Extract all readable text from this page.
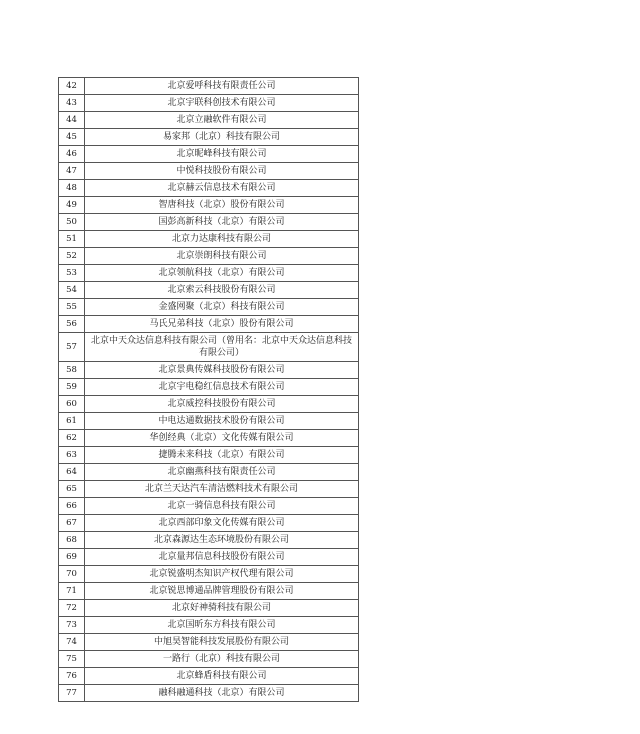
42	北京爱呼科技有限责任公司
43	北京宇联科创技术有限公司
44	北京立融软件有限公司
45	易家邦（北京）科技有限公司
46	北京昵峰科技有限公司
47	中悦科技股份有限公司
48	北京赫云信息技术有限公司
49	智唐科技（北京）股份有限公司
50	国彭高新科技（北京）有限公司
51	北京力达康科技有限公司
52	北京崇朗科技有限公司
53	北京领航科技（北京）有限公司
54	北京索云科技股份有限公司
55	金盛网聚（北京）科技有限公司
56	马氏兄弟科技（北京）股份有限公司
57	北京中天众达信息科技有限公司（曾用名：北京中天众达信息科技有限公司）
58	北京景典传媒科技股份有限公司
59	北京宇电稳红信息技术有限公司
60	北京威控科技股份有限公司
61	中电达通数据技术股份有限公司
62	华创经典（北京）文化传媒有限公司
63	捷腾未来科技（北京）有限公司
64	北京幽燕科技有限责任公司
65	北京兰天达汽车清洁燃料技术有限公司
66	北京一骑信息科技有限公司
67	北京西部印象文化传媒有限公司
68	北京森源达生态环境股份有限公司
69	北京量邦信息科技股份有限公司
70	北京锐盛明杰知识产权代理有限公司
71	北京锐思博通品牌管理股份有限公司
72	北京好神骑科技有限公司
73	北京国昕东方科技有限公司
74	中旭昊智能科技发展股份有限公司
75	一路行（北京）科技有限公司
76	北京蜂盾科技有限公司
77	融科融通科技（北京）有限公司
